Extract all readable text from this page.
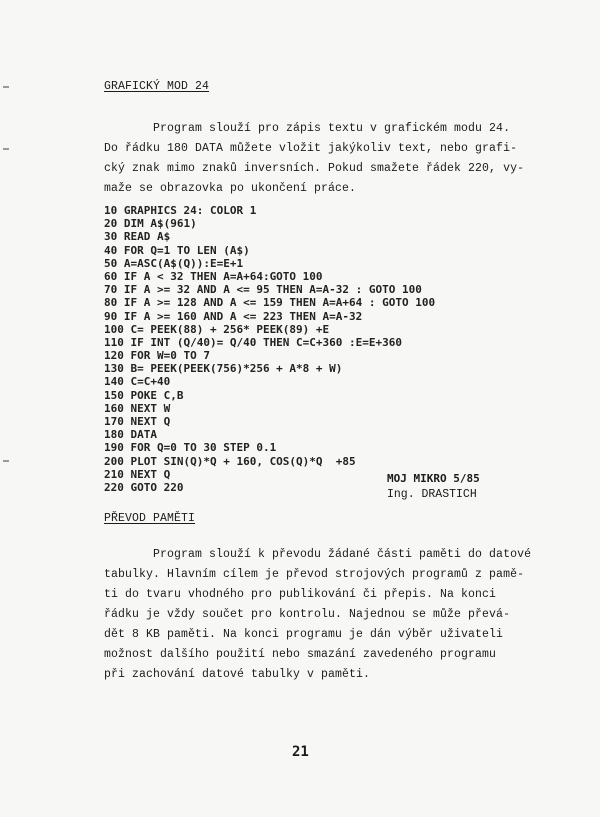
GRAFICKÝ MOD 24
Program slouží pro zápis textu v grafickém modu 24.
Do řádku 180 DATA můžete vložit jakýkoliv text, nebo grafi-
cký znak mimo znaků inversních. Pokud smažete řádek 220, vy-
maže se obrazovka po ukončení práce.
10 GRAPHICS 24: COLOR 1
20 DIM A$(961)
30 READ A$
40 FOR Q=1 TO LEN (A$)
50 A=ASC(A$(Q)):E=E+1
60 IF A < 32 THEN A=A+64:GOTO 100
70 IF A >= 32 AND A <= 95 THEN A=A-32 : GOTO 100
80 IF A >= 128 AND A <= 159 THEN A=A+64 : GOTO 100
90 IF A >= 160 AND A <= 223 THEN A=A-32
100 C= PEEK(88) + 256* PEEK(89) +E
110 IF INT (Q/40)= Q/40 THEN C=C+360 :E=E+360
120 FOR W=0 TO 7
130 B= PEEK(PEEK(756)*256 + A*8 + W)
140 C=C+40
150 POKE C,B
160 NEXT W
170 NEXT Q
180 DATA
190 FOR Q=0 TO 30 STEP 0.1
200 PLOT SIN(Q)*Q + 160, COS(Q)*Q  +85
210 NEXT Q
220 GOTO 220
MOJ MIKRO 5/85
Ing. DRASTICH
PŘEVOD PAMĚTI
Program slouží k převodu žádané části paměti do datové
tabulky. Hlavním cílem je převod strojových programů z pamě-
ti do tvaru vhodného pro publikování či přepis. Na konci
řádku je vždy součet pro kontrolu. Najednou se může převá-
dět 8 KB paměti. Na konci programu je dán výběr uživateli
možnost dalšího použití nebo smazání zavedeného programu
při zachování datové tabulky v paměti.
21
